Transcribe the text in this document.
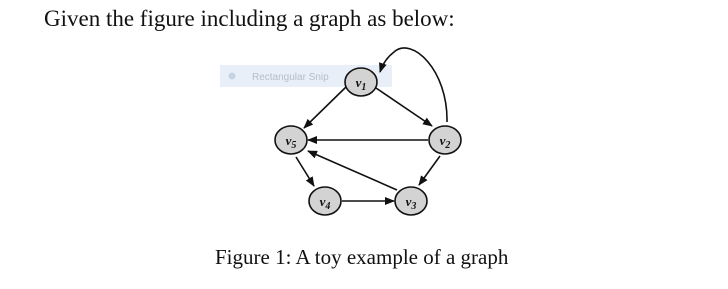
Given the figure including a graph as below:
Rectangular Snip $v_1$
$v_2$
$v_3$
$v_4$
$v_5$
Figure 1: A toy example of a graph
